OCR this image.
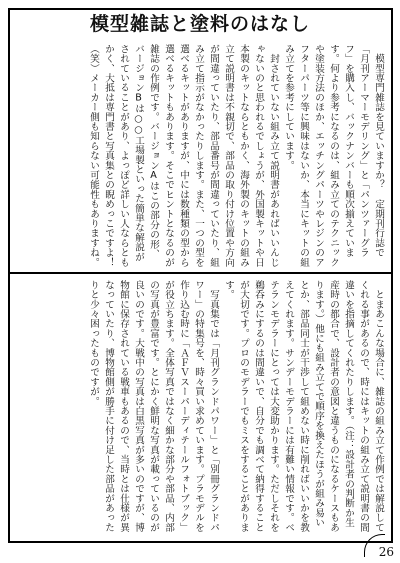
模型雑誌と塗料のはなし

　模型専門雑誌を見ていますか？　定期刊行誌で「月刊アーマーモデリング」と「パンツァーグラフ」を購入し、バックナンバーも順次揃えています。何より参考になるのは、組み立てのテクニックや塗装方法のほか、エッチングパーツやレジンのアフターパーツ等に興味はないか、本当にキットの組み立てを参考にしています。

　封されていない組み立て説明書があればいいんじゃないのと思われるでしょうが、外国製キットや日本製のキットならともかく、海外製のキットの組み立て説明書は不親切で、部品の取り付け位置や方向が間違っていたり、部品番号が間違っていたり、組み立て指示がなかったりします。また、一つの型を選べるキットがありますが、中には数種類の型から選べるキットもあります。そこでヒントとなるのが雑誌の作例です。バージョンAはこの部分の形、バージョンBは○○工場製といった簡単な解説がされていることがあり、よっぽど詳しい人ならともかく、大抵は専門書と写真集との睨めっこですよ！（笑）メーカー側も知らない可能性もありますね。

　とまあこんな場合に、雑誌の組み立て作例では解説してくれる事があるので、時にはキットの組み立て説明書の間違いを指摘してくれたりします。（注：設計者の判断か生産時の都合で、設計者の意図と違うものになるケースもあります。）他にも組み立てで順序を換えたほうが組み易いとか、部品同士が干渉して組めない時に削ればいいかを教えてくれます。サンデーモデラーには有難い情報です。ベテランモデラーにとっては大変助かります。ただしそれを鵜呑みにするのは間違いで、自分でも調べて納得することが大切です。プロのモデラーでもミスをすることがあります。

　写真集では「月刊グランドパワー」と「別冊グランドパワー」の特集号を、時々買い求めています。プラモデルを作り込む時に「ＡＦＶスーパーディテールフォトブック」が役立ちます。全体写真ではなく細かな部分や部品、内部の写真が豊富です。とにかく鮮明な写真が載っているのが良いのです。大戦中の写真は白黒写真が多いのですが、博物館に保存されている戦車もあるので、当時とは仕様が異なっていたり、博物館側が勝手に付け足した部品があったりと少々困ったものですが。

26
